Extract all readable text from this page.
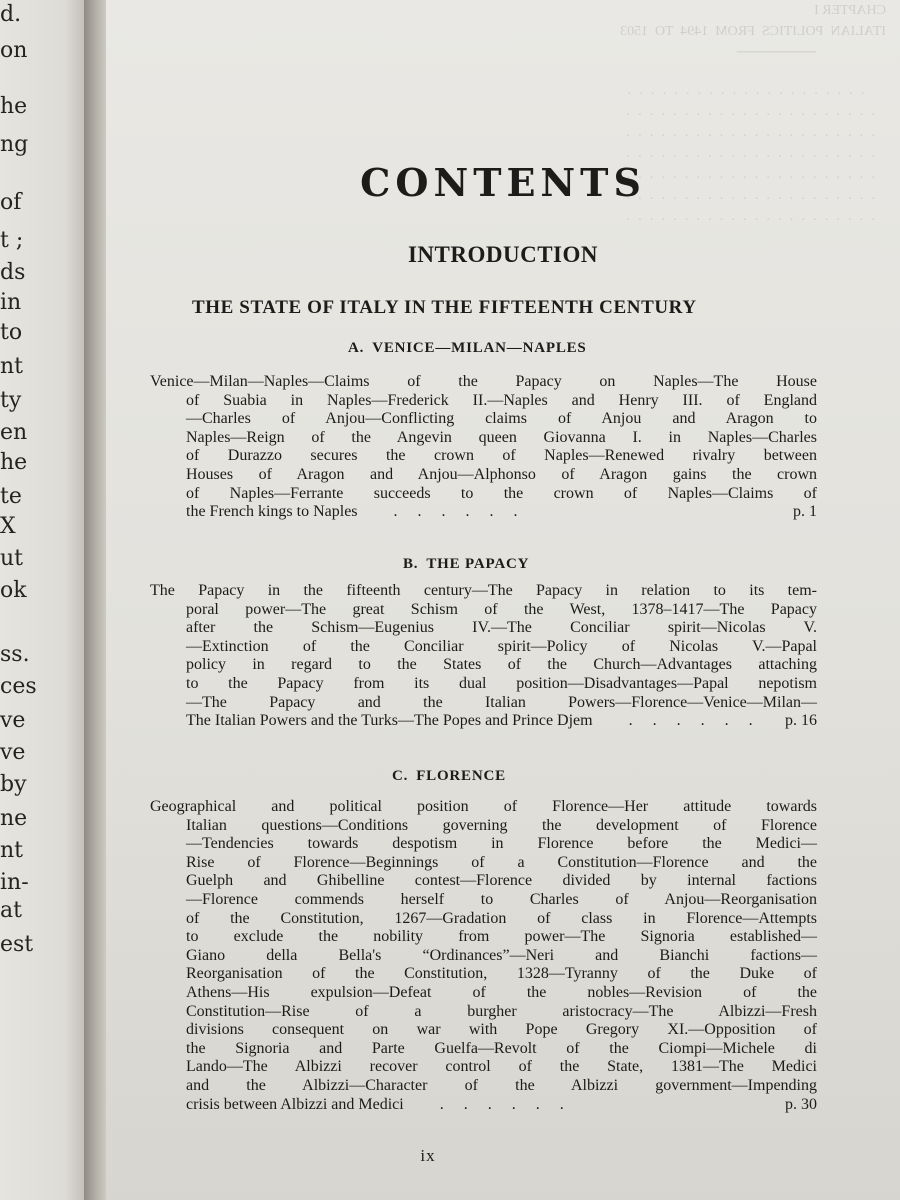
d.
on
he
ng
of
t ;
ds
in
to
nt
ty
en
he
te
X
ut
ok
ss.
ces
ve
ve
by
ne
nt
in-
at
est
CHAPTER I
ITALIAN  POLITICS  FROM  1494  TO  1503
────────

·  ·  ·  ·  ·  ·  ·  ·  ·  ·  ·  ·  ·  ·  ·  ·  ·  ·  ·  ·  ·
·  ·  ·  ·  ·  ·  ·  ·  ·  ·  ·  ·  ·  ·  ·  ·  ·  ·  ·  ·  ·  ·
·  ·  ·  ·  ·  ·  ·  ·  ·  ·  ·  ·  ·  ·  ·  ·  ·  ·  ·  ·  ·  ·
·  ·  ·  ·  ·  ·  ·  ·  ·  ·  ·  ·  ·  ·  ·  ·  ·  ·  ·  ·  ·  ·
·  ·  ·  ·  ·  ·  ·  ·  ·  ·  ·  ·  ·  ·  ·  ·  ·  ·  ·  ·  ·  ·
·  ·  ·  ·  ·  ·  ·  ·  ·  ·  ·  ·  ·  ·  ·  ·  ·  ·  ·  ·  ·  ·
·  ·  ·  ·  ·  ·  ·  ·  ·  ·  ·  ·  ·  ·  ·  ·  ·  ·  ·  ·  ·  ·
CONTENTS
INTRODUCTION
THE STATE OF ITALY IN THE FIFTEENTH CENTURY
A. VENICE—MILAN—NAPLES
Venice—Milan—Naples—Claims of the Papacy on Naples—The House
of Suabia in Naples—Frederick II.—Naples and Henry III. of England
—Charles of Anjou—Conflicting claims of Anjou and Aragon to
Naples—Reign of the Angevin queen Giovanna I. in Naples—Charles
of Durazzo secures the crown of Naples—Renewed rivalry between
Houses of Aragon and Anjou—Alphonso of Aragon gains the crown
of Naples—Ferrante succeeds to the crown of Naples—Claims of
the French kings to Naples ......	p. 1
B. THE PAPACY
The Papacy in the fifteenth century—The Papacy in relation to its tem-
poral power—The great Schism of the West, 1378–1417—The Papacy
after the Schism—Eugenius IV.—The Conciliar spirit—Nicolas V.
—Extinction of the Conciliar spirit—Policy of Nicolas V.—Papal
policy in regard to the States of the Church—Advantages attaching
to the Papacy from its dual position—Disadvantages—Papal nepotism
—The Papacy and the Italian Powers—Florence—Venice—Milan—
The Italian Powers and the Turks—The Popes and Prince Djem ...... p. 16
C. FLORENCE
Geographical and political position of Florence—Her attitude towards
Italian questions—Conditions governing the development of Florence
—Tendencies towards despotism in Florence before the Medici—
Rise of Florence—Beginnings of a Constitution—Florence and the
Guelph and Ghibelline contest—Florence divided by internal factions
—Florence commends herself to Charles of Anjou—Reorganisation
of the Constitution, 1267—Gradation of class in Florence—Attempts
to exclude the nobility from power—The Signoria established—
Giano della Bella's “Ordinances”—Neri and Bianchi factions—
Reorganisation of the Constitution, 1328—Tyranny of the Duke of
Athens—His expulsion—Defeat of the nobles—Revision of the
Constitution—Rise of a burgher aristocracy—The Albizzi—Fresh
divisions consequent on war with Pope Gregory XI.—Opposition of
the Signoria and Parte Guelfa—Revolt of the Ciompi—Michele di
Lando—The Albizzi recover control of the State, 1381—The Medici
and the Albizzi—Character of the Albizzi government—Impending
crisis between Albizzi and Medici ......	p. 30
ix
